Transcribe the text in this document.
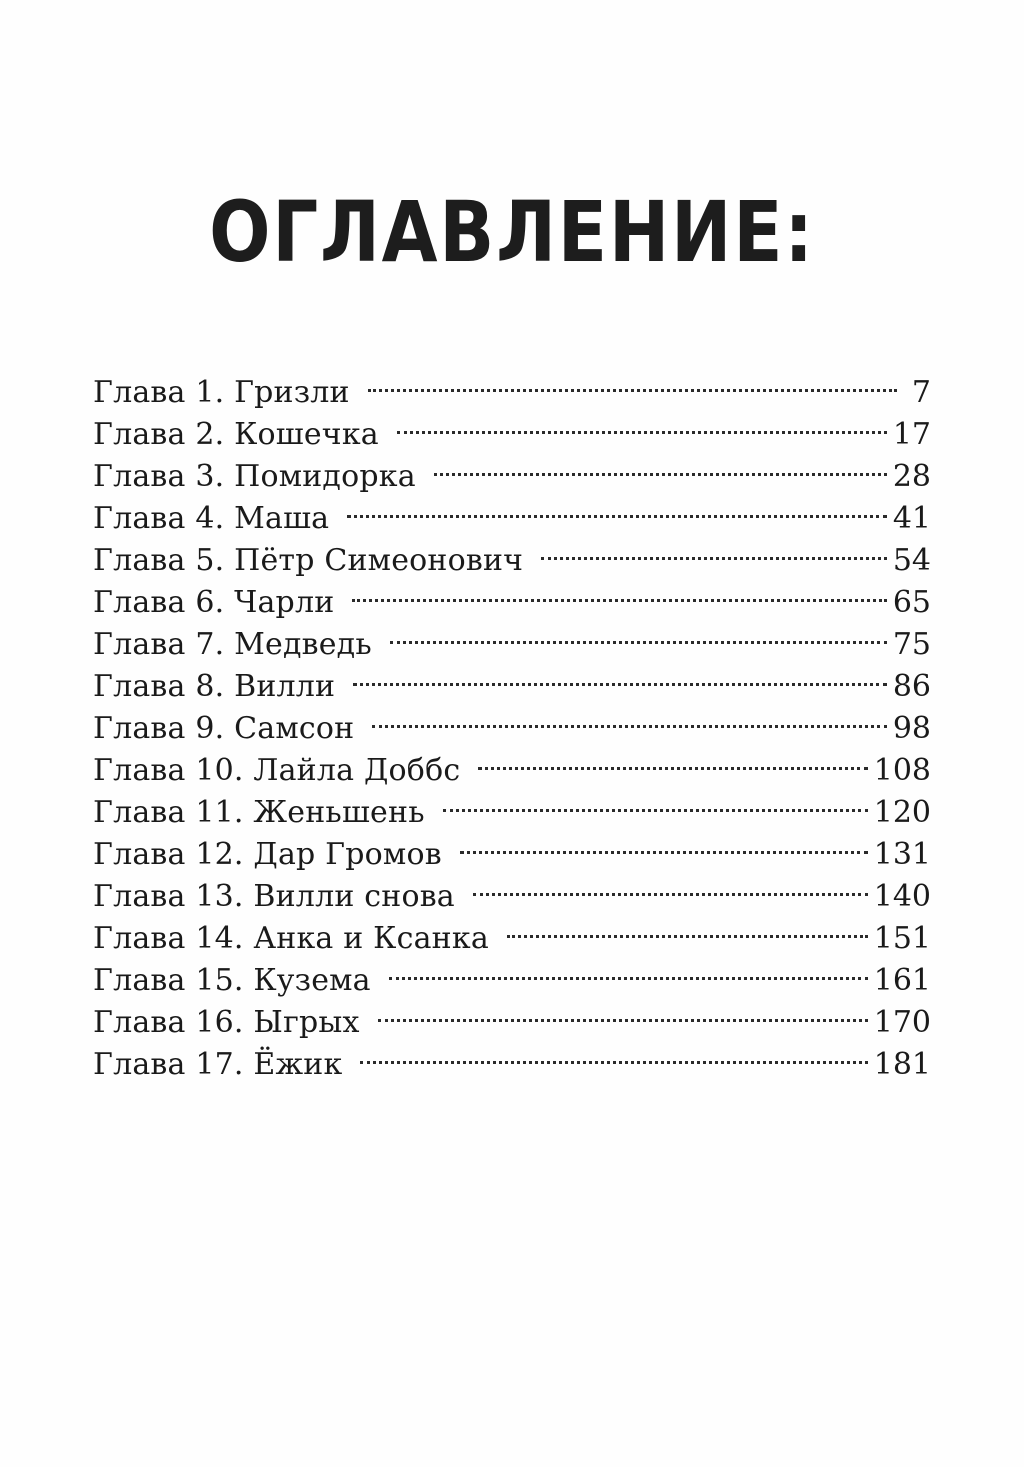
ОГЛАВЛЕНИЕ:
Глава 1. Гризли	7
Глава 2. Кошечка	17
Глава 3. Помидорка	28
Глава 4. Маша	41
Глава 5. Пётр Симеонович	54
Глава 6. Чарли	65
Глава 7. Медведь	75
Глава 8. Вилли	86
Глава 9. Самсон	98
Глава 10. Лайла Доббс	108
Глава 11. Женьшень	120
Глава 12. Дар Громов	131
Глава 13. Вилли снова	140
Глава 14. Анка и Ксанка	151
Глава 15. Кузема	161
Глава 16. Ыгрых	170
Глава 17. Ёжик	181
